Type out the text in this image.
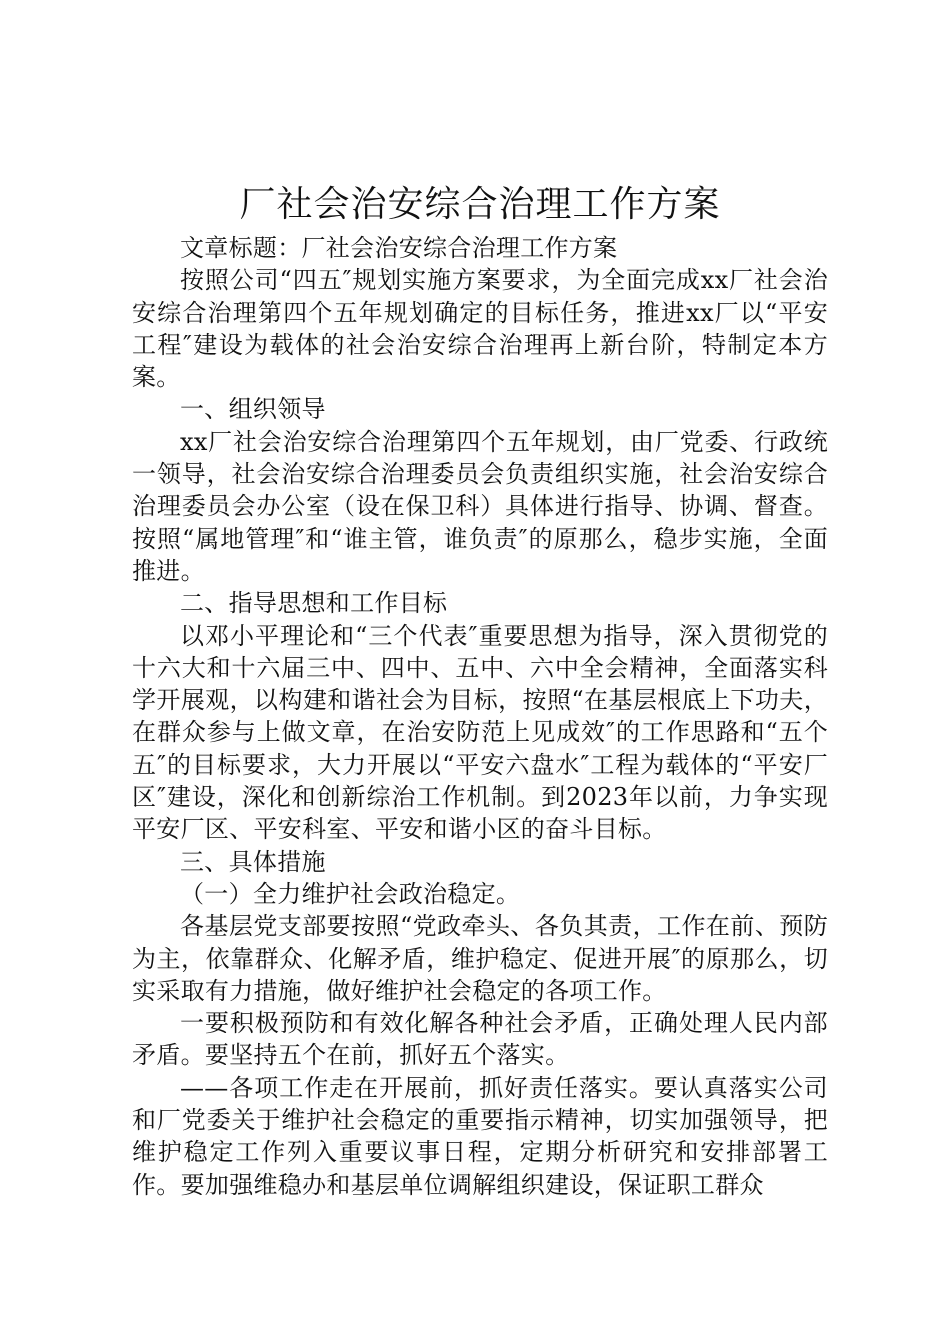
厂社会治安综合治理工作方案

文章标题：厂社会治安综合治理工作方案

按照公司“四五″规划实施方案要求，为全面完成xx厂社会治安综合治理第四个五年规划确定的目标任务，推进xx厂以“平安工程″建设为载体的社会治安综合治理再上新台阶，特制定本方案。

一、组织领导

xx厂社会治安综合治理第四个五年规划，由厂党委、行政统一领导，社会治安综合治理委员会负责组织实施，社会治安综合治理委员会办公室（设在保卫科）具体进行指导、协调、督查。按照“属地管理″和“谁主管，谁负责″的原那么，稳步实施，全面推进。

二、指导思想和工作目标

以邓小平理论和“三个代表″重要思想为指导，深入贯彻党的十六大和十六届三中、四中、五中、六中全会精神，全面落实科学开展观，以构建和谐社会为目标，按照“在基层根底上下功夫，在群众参与上做文章，在治安防范上见成效″的工作思路和“五个五″的目标要求，大力开展以“平安六盘水″工程为载体的“平安厂区″建设，深化和创新综治工作机制。到2023年以前，力争实现平安厂区、平安科室、平安和谐小区的奋斗目标。

三、具体措施

（一）全力维护社会政治稳定。

各基层党支部要按照“党政牵头、各负其责，工作在前、预防为主，依靠群众、化解矛盾，维护稳定、促进开展″的原那么，切实采取有力措施，做好维护社会稳定的各项工作。

一要积极预防和有效化解各种社会矛盾，正确处理人民内部矛盾。要坚持五个在前，抓好五个落实。

——各项工作走在开展前，抓好责任落实。要认真落实公司和厂党委关于维护社会稳定的重要指示精神，切实加强领导，把维护稳定工作列入重要议事日程，定期分析研究和安排部署工作。要加强维稳办和基层单位调解组织建设，保证职工群众
